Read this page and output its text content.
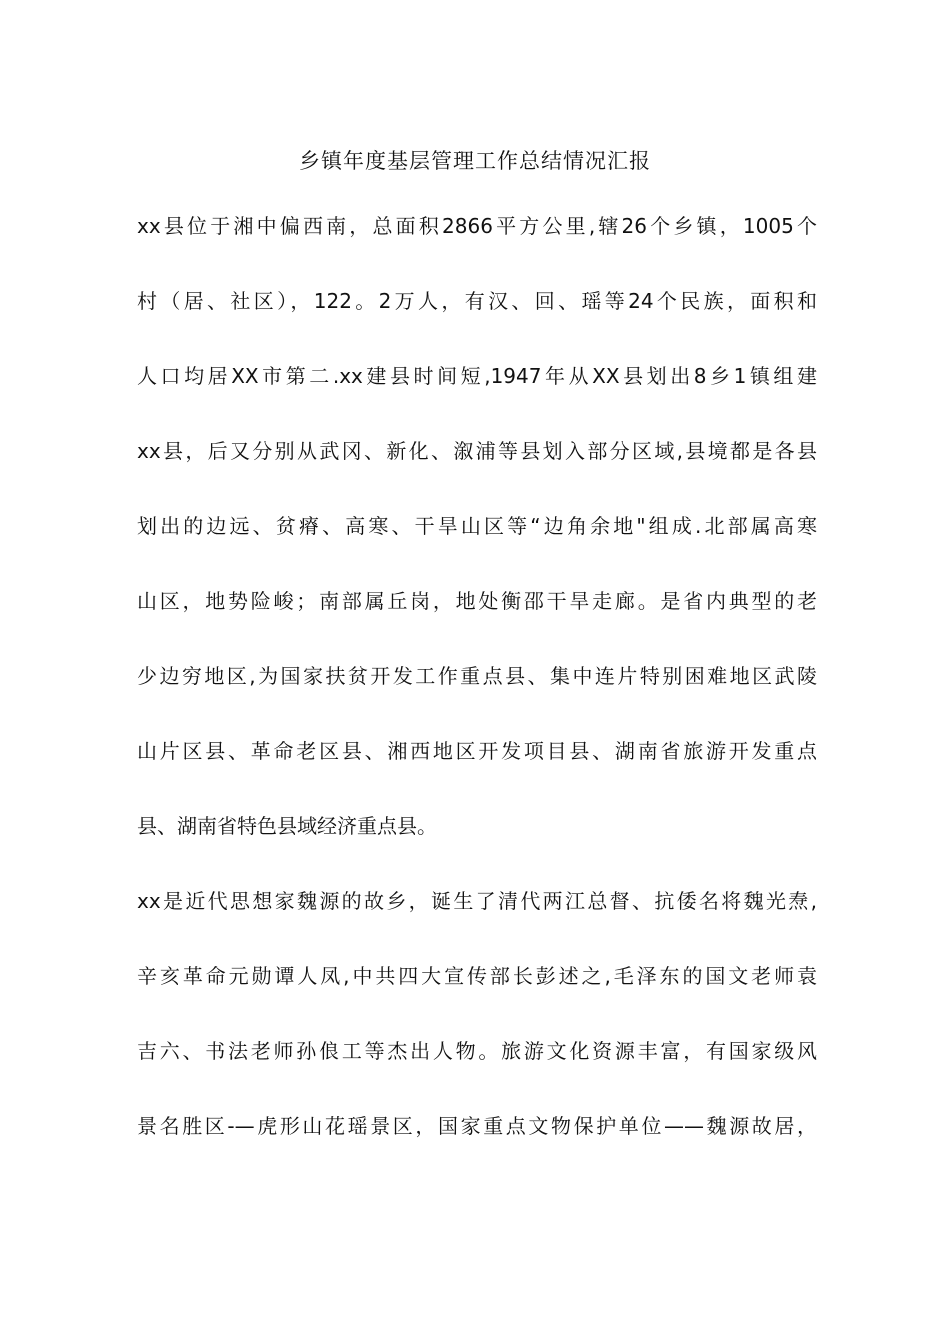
乡镇年度基层管理工作总结情况汇报
xx县位于湘中偏西南，总面积2866平方公里,辖26个乡镇，1005个
村（居、社区），122。2万人，有汉、回、瑶等24个民族，面积和
人口均居XX市第二.xx建县时间短,1947年从XX县划出8乡1镇组建
xx县，后又分别从武冈、新化、溆浦等县划入部分区域,县境都是各县
划出的边远、贫瘠、高寒、干旱山区等“边角余地"组成.北部属高寒
山区，地势险峻；南部属丘岗，地处衡邵干旱走廊。是省内典型的老
少边穷地区,为国家扶贫开发工作重点县、集中连片特别困难地区武陵
山片区县、革命老区县、湘西地区开发项目县、湖南省旅游开发重点
县、湖南省特色县域经济重点县。
xx是近代思想家魏源的故乡，诞生了清代两江总督、抗倭名将魏光焘,
辛亥革命元勋谭人凤,中共四大宣传部长彭述之,毛泽东的国文老师袁
吉六、书法老师孙俍工等杰出人物。旅游文化资源丰富，有国家级风
景名胜区-—虎形山花瑶景区，国家重点文物保护单位——魏源故居，
